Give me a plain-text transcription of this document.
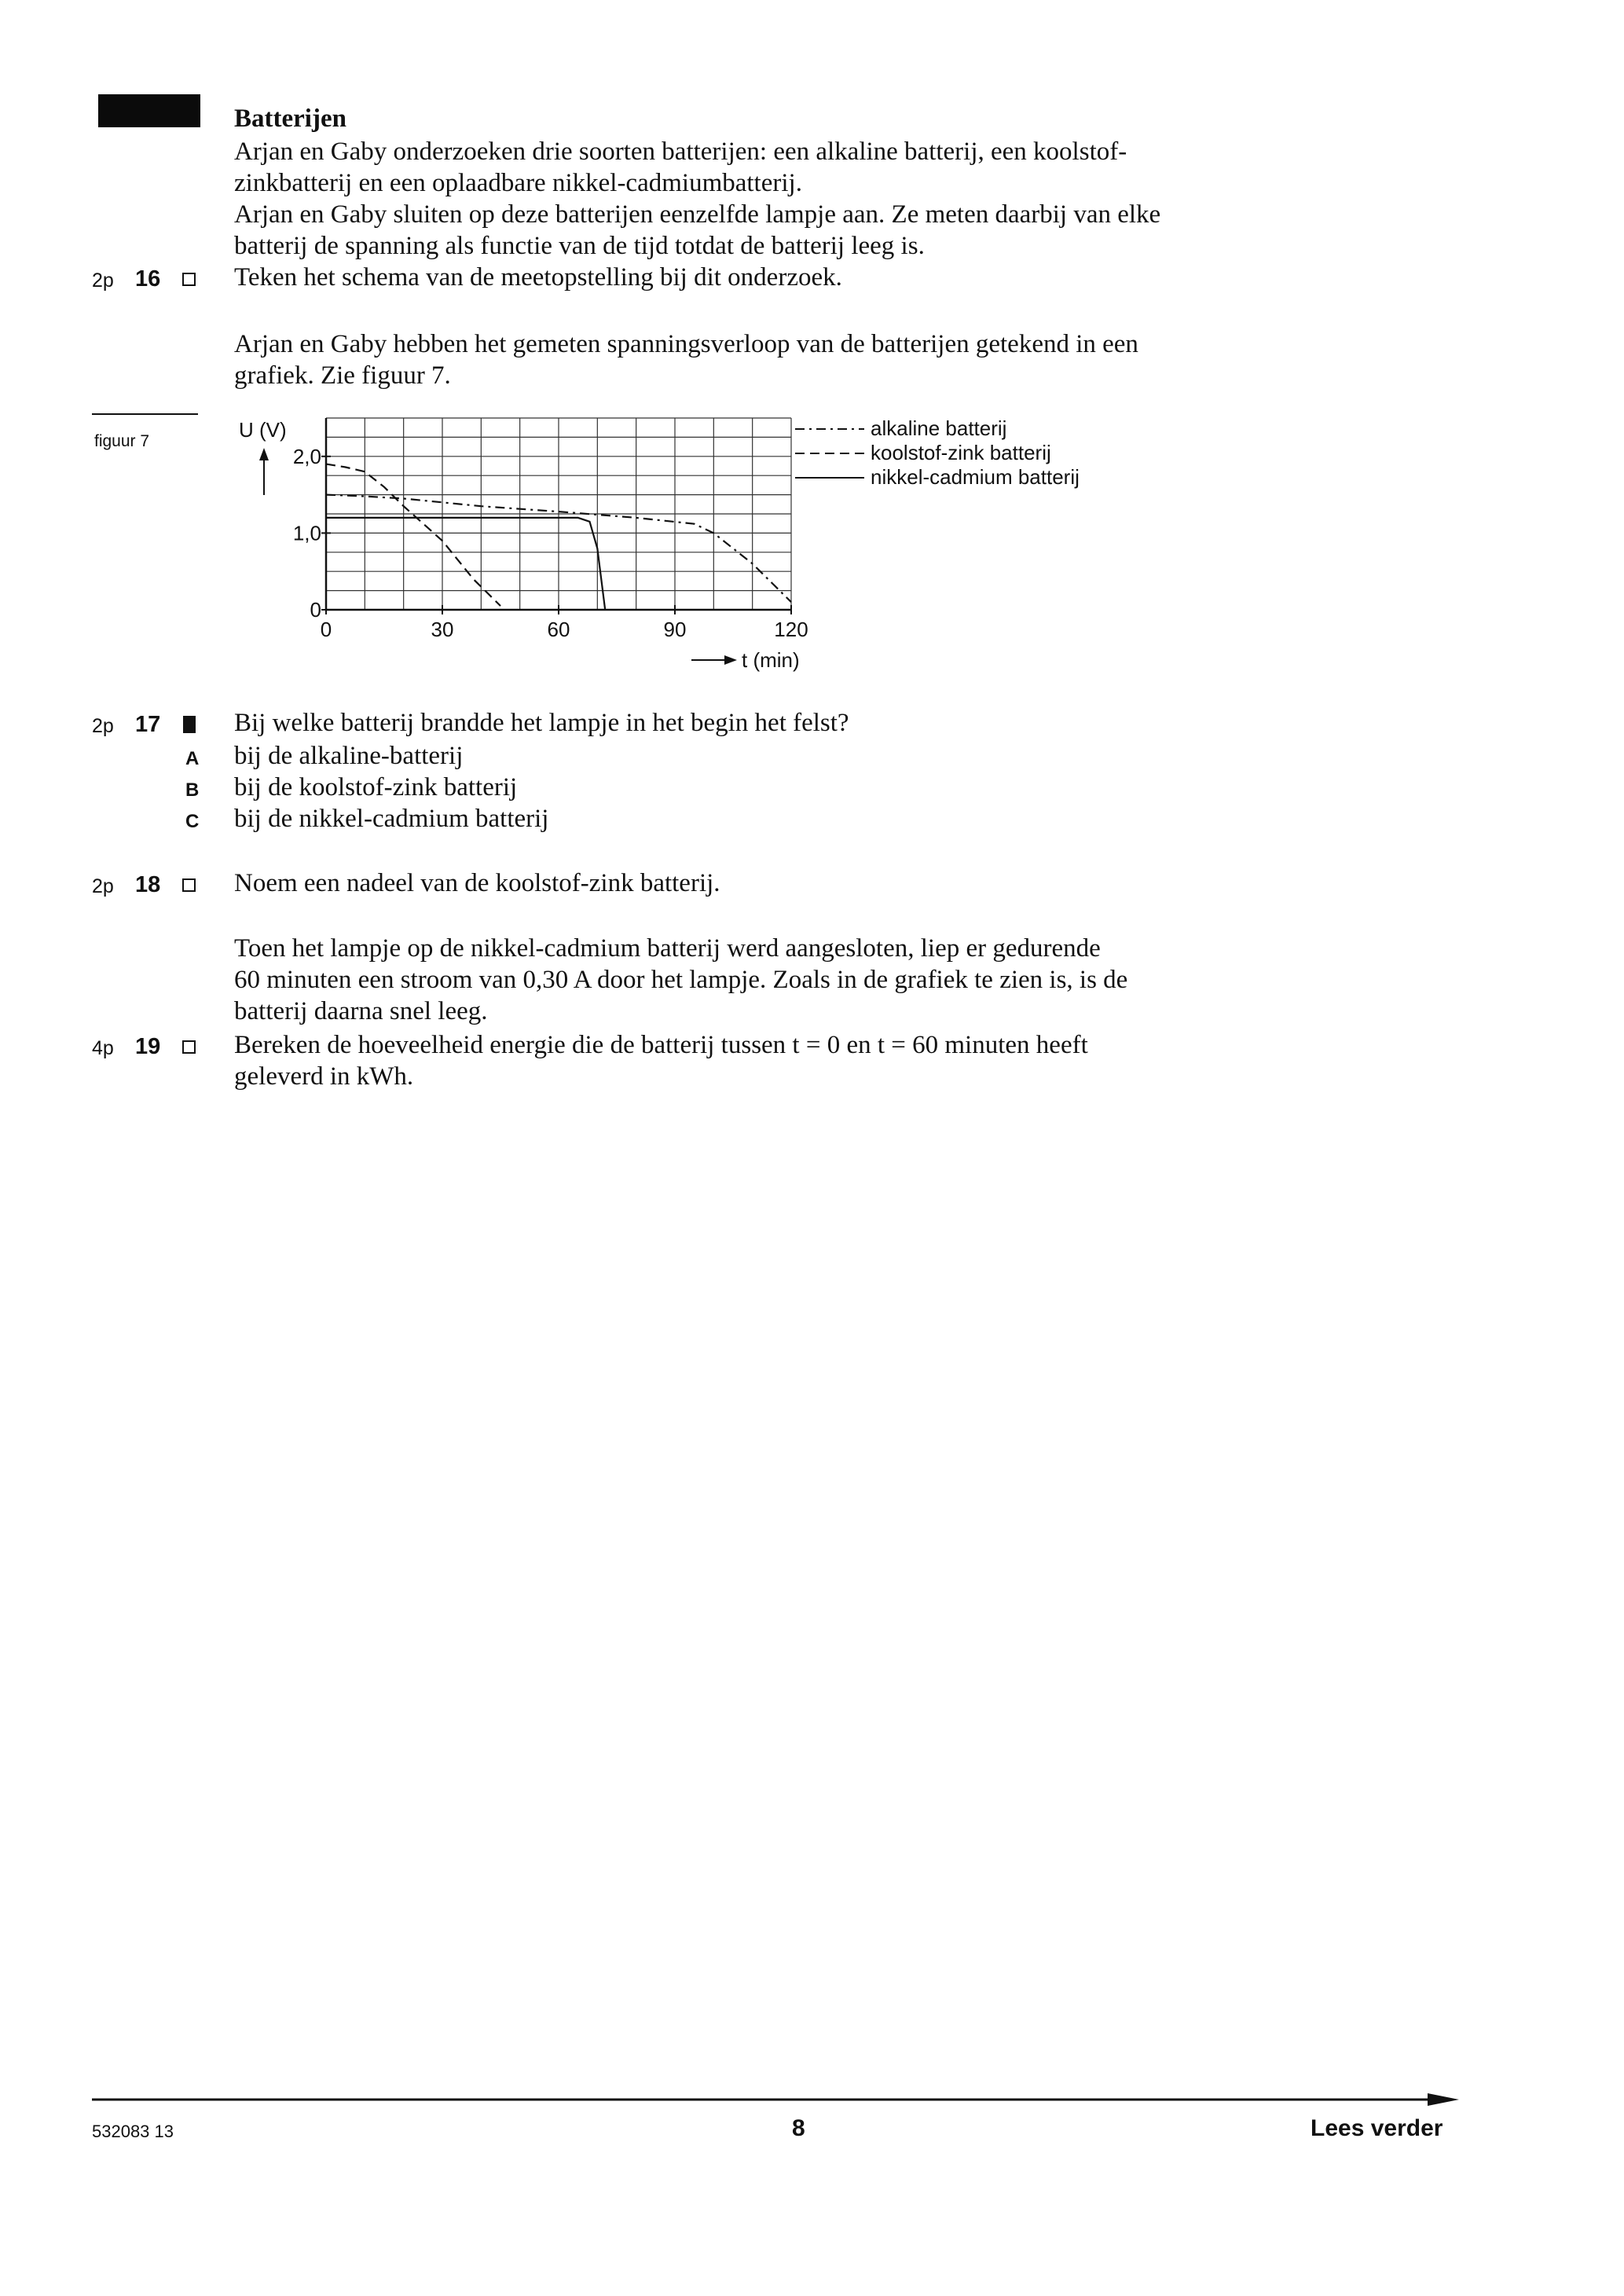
Batterijen

Arjan en Gaby onderzoeken drie soorten batterijen: een alkaline batterij, een koolstof-

zinkbatterij en een oplaadbare nikkel-cadmiumbatterij.

Arjan en Gaby sluiten op deze batterijen eenzelfde lampje aan. Ze meten daarbij van elke

batterij de spanning als functie van de tijd totdat de batterij leeg is.

2p 16	Teken het schema van de meetopstelling bij dit onderzoek.

Arjan en Gaby hebben het gemeten spanningsverloop van de batterijen getekend in een

grafiek. Zie figuur 7.

figuur 7
0	30	60	90	120
0
1,0
2,0
U (V)
t (min)
alkaline batterij
koolstof-zink batterij
nikkel-cadmium batterij
2p 17	Bij welke batterij brandde het lampje in het begin het felst?
A bij de alkaline-batterij
B bij de koolstof-zink batterij
C bij de nikkel-cadmium batterij
2p 18	Noem een nadeel van de koolstof-zink batterij.

Toen het lampje op de nikkel-cadmium batterij werd aangesloten, liep er gedurende

60 minuten een stroom van 0,30 A door het lampje. Zoals in de grafiek te zien is, is de

batterij daarna snel leeg.

4p 19	Bereken de hoeveelheid energie die de batterij tussen t = 0 en t = 60 minuten heeft

geleverd in kWh.

532083 13	8	Lees verder
